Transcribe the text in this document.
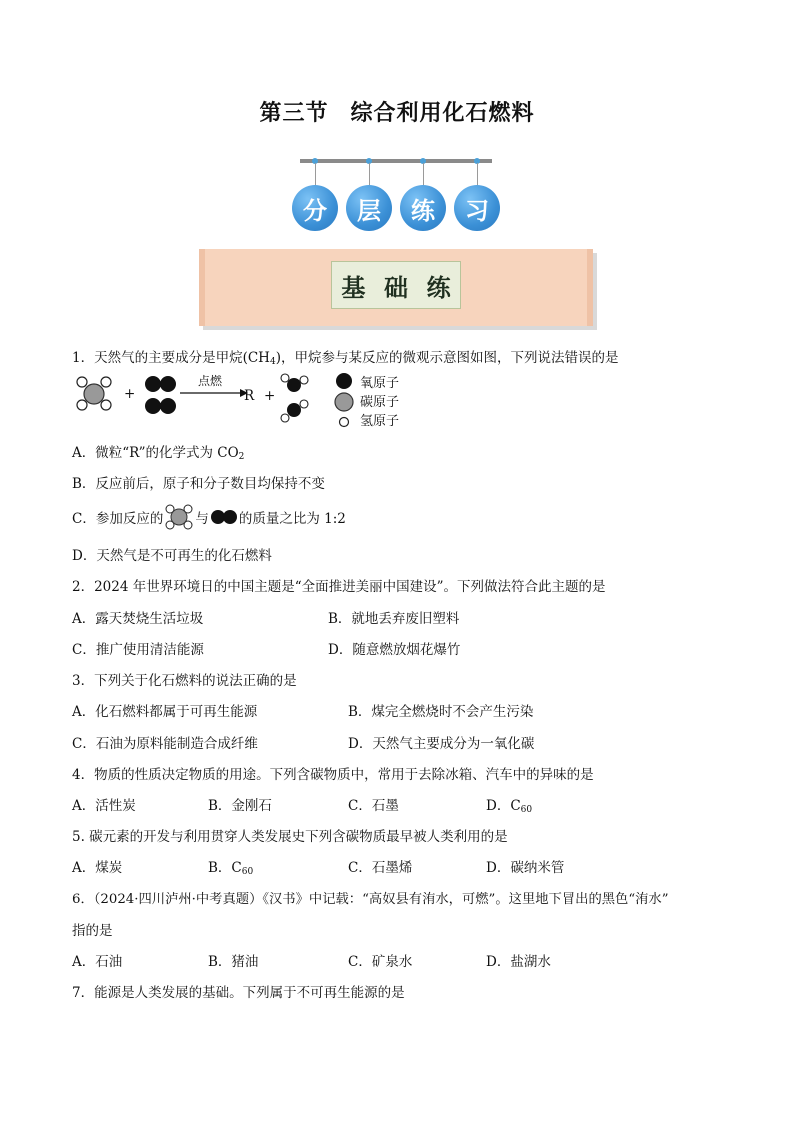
第三节 综合利用化石燃料
分	层	练	习
基 础 练
1．天然气的主要成分是甲烷$(CH_4)$，甲烷参与某反应的微观示意图如图，下列说法错误的是
+
点燃
R +
氧原子
碳原子
氢原子
A．微粒“R”的化学式为 $CO_2$
B．反应前后，原子和分子数目均保持不变
C．参加反应的 与 的质量之比为 1:2
D．天然气是不可再生的化石燃料
2．2024 年世界环境日的中国主题是“全面推进美丽中国建设”。下列做法符合此主题的是
A．露天焚烧生活垃圾	B．就地丢弃废旧塑料
C．推广使用清洁能源	D．随意燃放烟花爆竹
3．下列关于化石燃料的说法正确的是
A．化石燃料都属于可再生能源	B．煤完全燃烧时不会产生污染
C．石油为原料能制造合成纤维	D．天然气主要成分为一氧化碳
4．物质的性质决定物质的用途。下列含碳物质中，常用于去除冰箱、汽车中的异味的是
A．活性炭	B．金刚石	C．石墨	D．$C_{60}$
5. 碳元素的开发与利用贯穿人类发展史下列含碳物质最早被人类利用的是
A．煤炭	B．$C_{60}$	C．石墨烯	D．碳纳米管
6．（2024·四川泸州·中考真题）《汉书》中记载：“高奴县有洧水，可燃”。这里地下冒出的黑色“洧水”
指的是
A．石油	B．猪油	C．矿泉水	D．盐湖水
7．能源是人类发展的基础。下列属于不可再生能源的是
